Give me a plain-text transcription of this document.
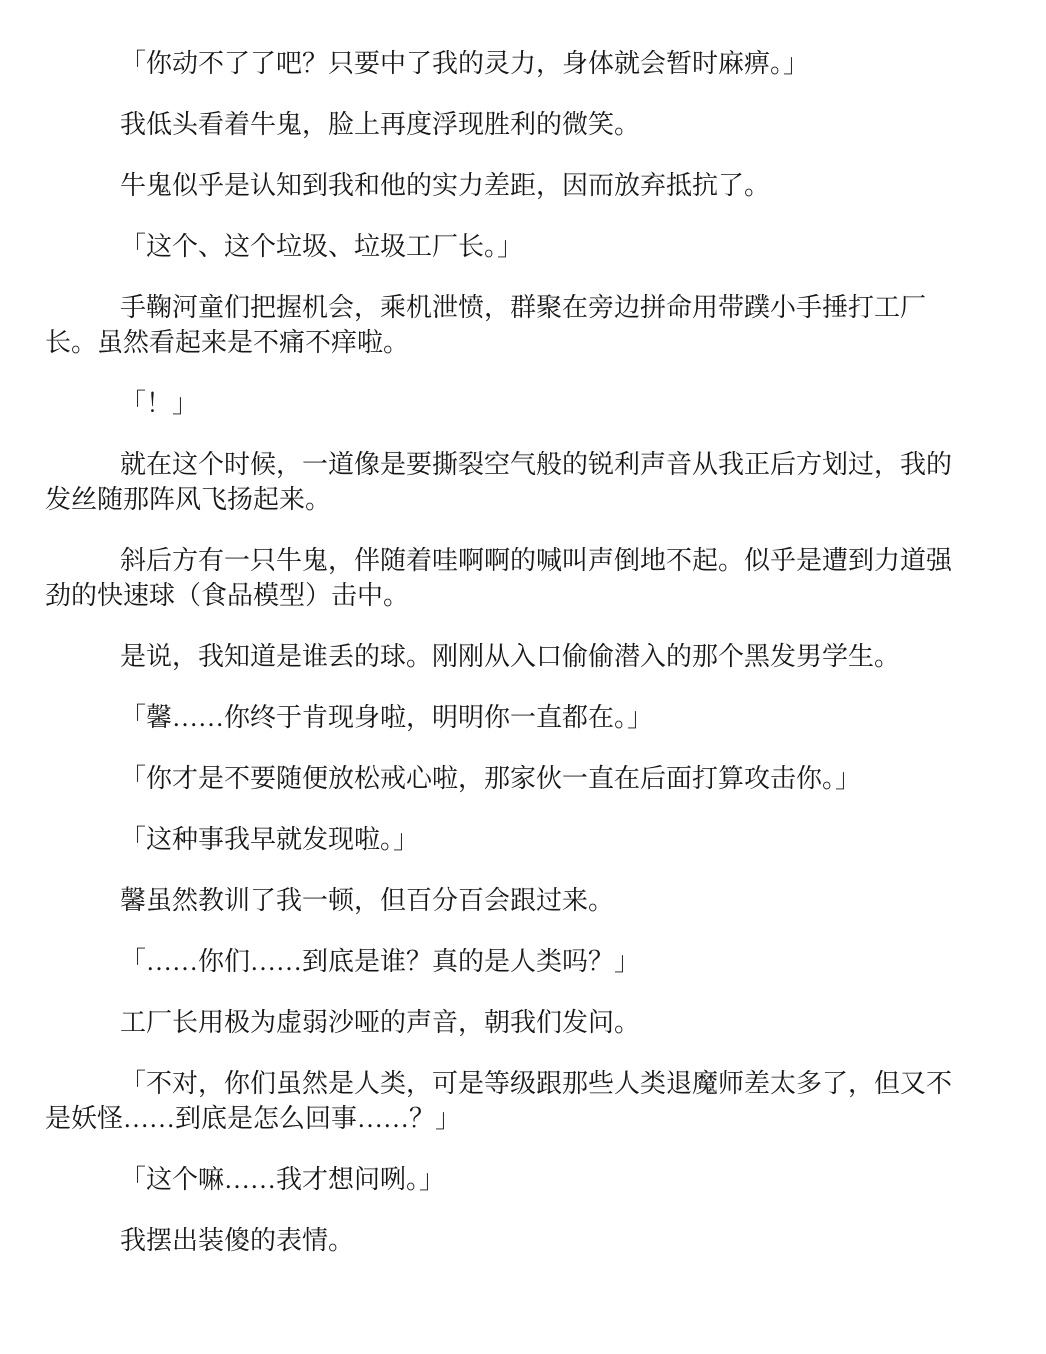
「你动不了了吧？只要中了我的灵力，身体就会暂时麻痹。」

我低头看着牛鬼，脸上再度浮现胜利的微笑。

牛鬼似乎是认知到我和他的实力差距，因而放弃抵抗了。

「这个、这个垃圾、垃圾工厂长。」

手鞠河童们把握机会，乘机泄愤，群聚在旁边拼命用带蹼小手捶打工厂长。虽然看起来是不痛不痒啦。

「！」

就在这个时候，一道像是要撕裂空气般的锐利声音从我正后方划过，我的发丝随那阵风飞扬起来。

斜后方有一只牛鬼，伴随着哇啊啊的喊叫声倒地不起。似乎是遭到力道强劲的快速球（食品模型）击中。

是说，我知道是谁丢的球。刚刚从入口偷偷潜入的那个黑发男学生。

「馨……你终于肯现身啦，明明你一直都在。」

「你才是不要随便放松戒心啦，那家伙一直在后面打算攻击你。」

「这种事我早就发现啦。」

馨虽然教训了我一顿，但百分百会跟过来。

「……你们……到底是谁？真的是人类吗？」

工厂长用极为虚弱沙哑的声音，朝我们发问。

「不对，你们虽然是人类，可是等级跟那些人类退魔师差太多了，但又不是妖怪……到底是怎么回事……？」

「这个嘛……我才想问咧。」

我摆出装傻的表情。
